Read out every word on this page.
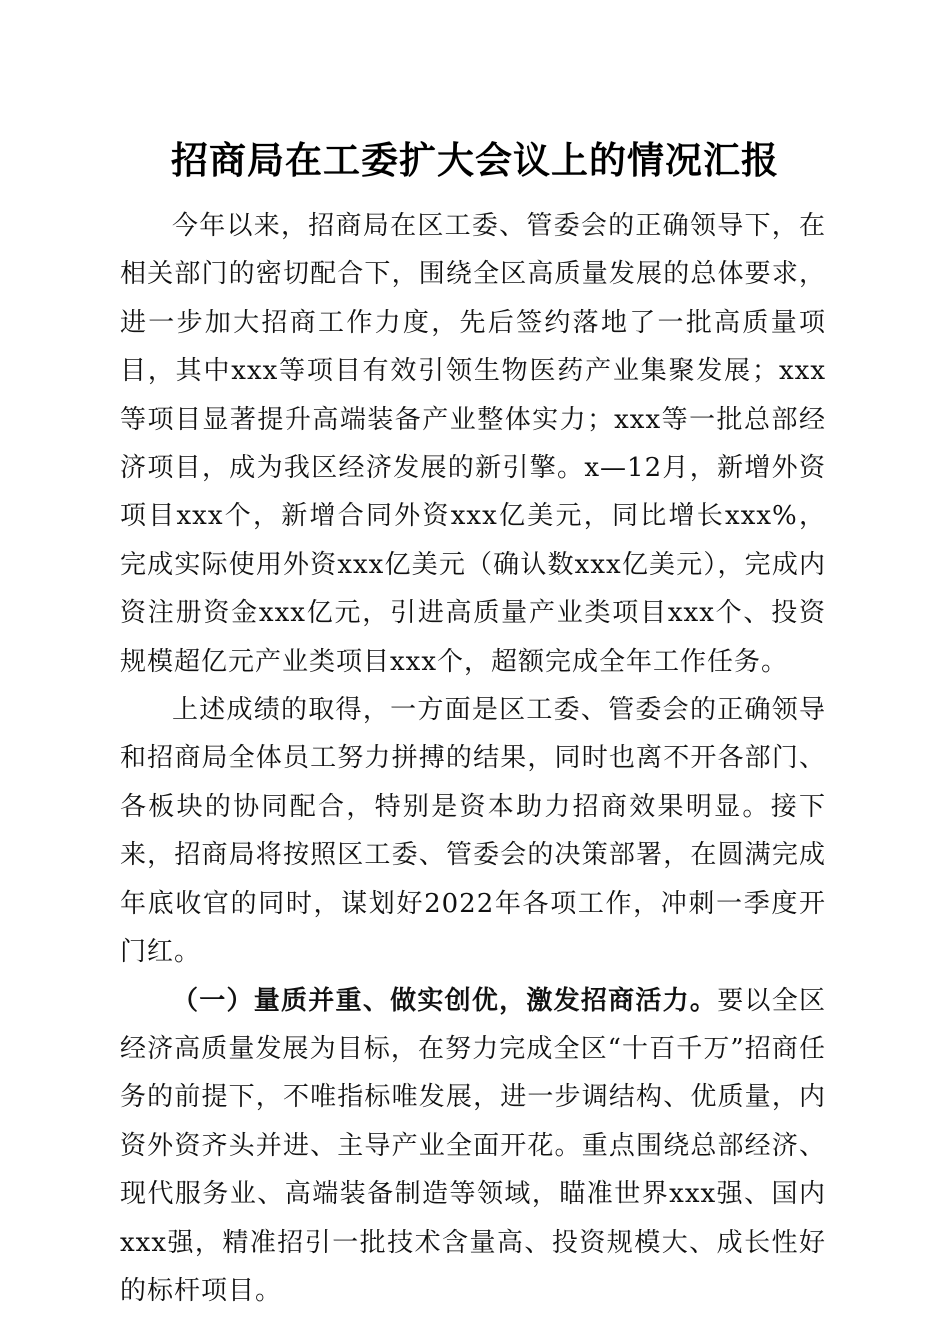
招商局在工委扩大会议上的情况汇报

今年以来，招商局在区工委、管委会的正确领导下，在相关部门的密切配合下，围绕全区高质量发展的总体要求，进一步加大招商工作力度，先后签约落地了一批高质量项目，其中xxx等项目有效引领生物医药产业集聚发展；xxx等项目显著提升高端装备产业整体实力；xxx等一批总部经济项目，成为我区经济发展的新引擎。x—12月，新增外资项目xxx个，新增合同外资xxx亿美元，同比增长xxx%，完成实际使用外资xxx亿美元（确认数xxx亿美元），完成内资注册资金xxx亿元，引进高质量产业类项目xxx个、投资规模超亿元产业类项目xxx个，超额完成全年工作任务。

上述成绩的取得，一方面是区工委、管委会的正确领导和招商局全体员工努力拼搏的结果，同时也离不开各部门、各板块的协同配合，特别是资本助力招商效果明显。接下来，招商局将按照区工委、管委会的决策部署，在圆满完成年底收官的同时，谋划好2022年各项工作，冲刺一季度开门红。

（一）量质并重、做实创优，激发招商活力。要以全区经济高质量发展为目标，在努力完成全区“十百千万”招商任务的前提下，不唯指标唯发展，进一步调结构、优质量，内资外资齐头并进、主导产业全面开花。重点围绕总部经济、现代服务业、高端装备制造等领域，瞄准世界xxx强、国内xxx强，精准招引一批技术含量高、投资规模大、成长性好的标杆项目。
